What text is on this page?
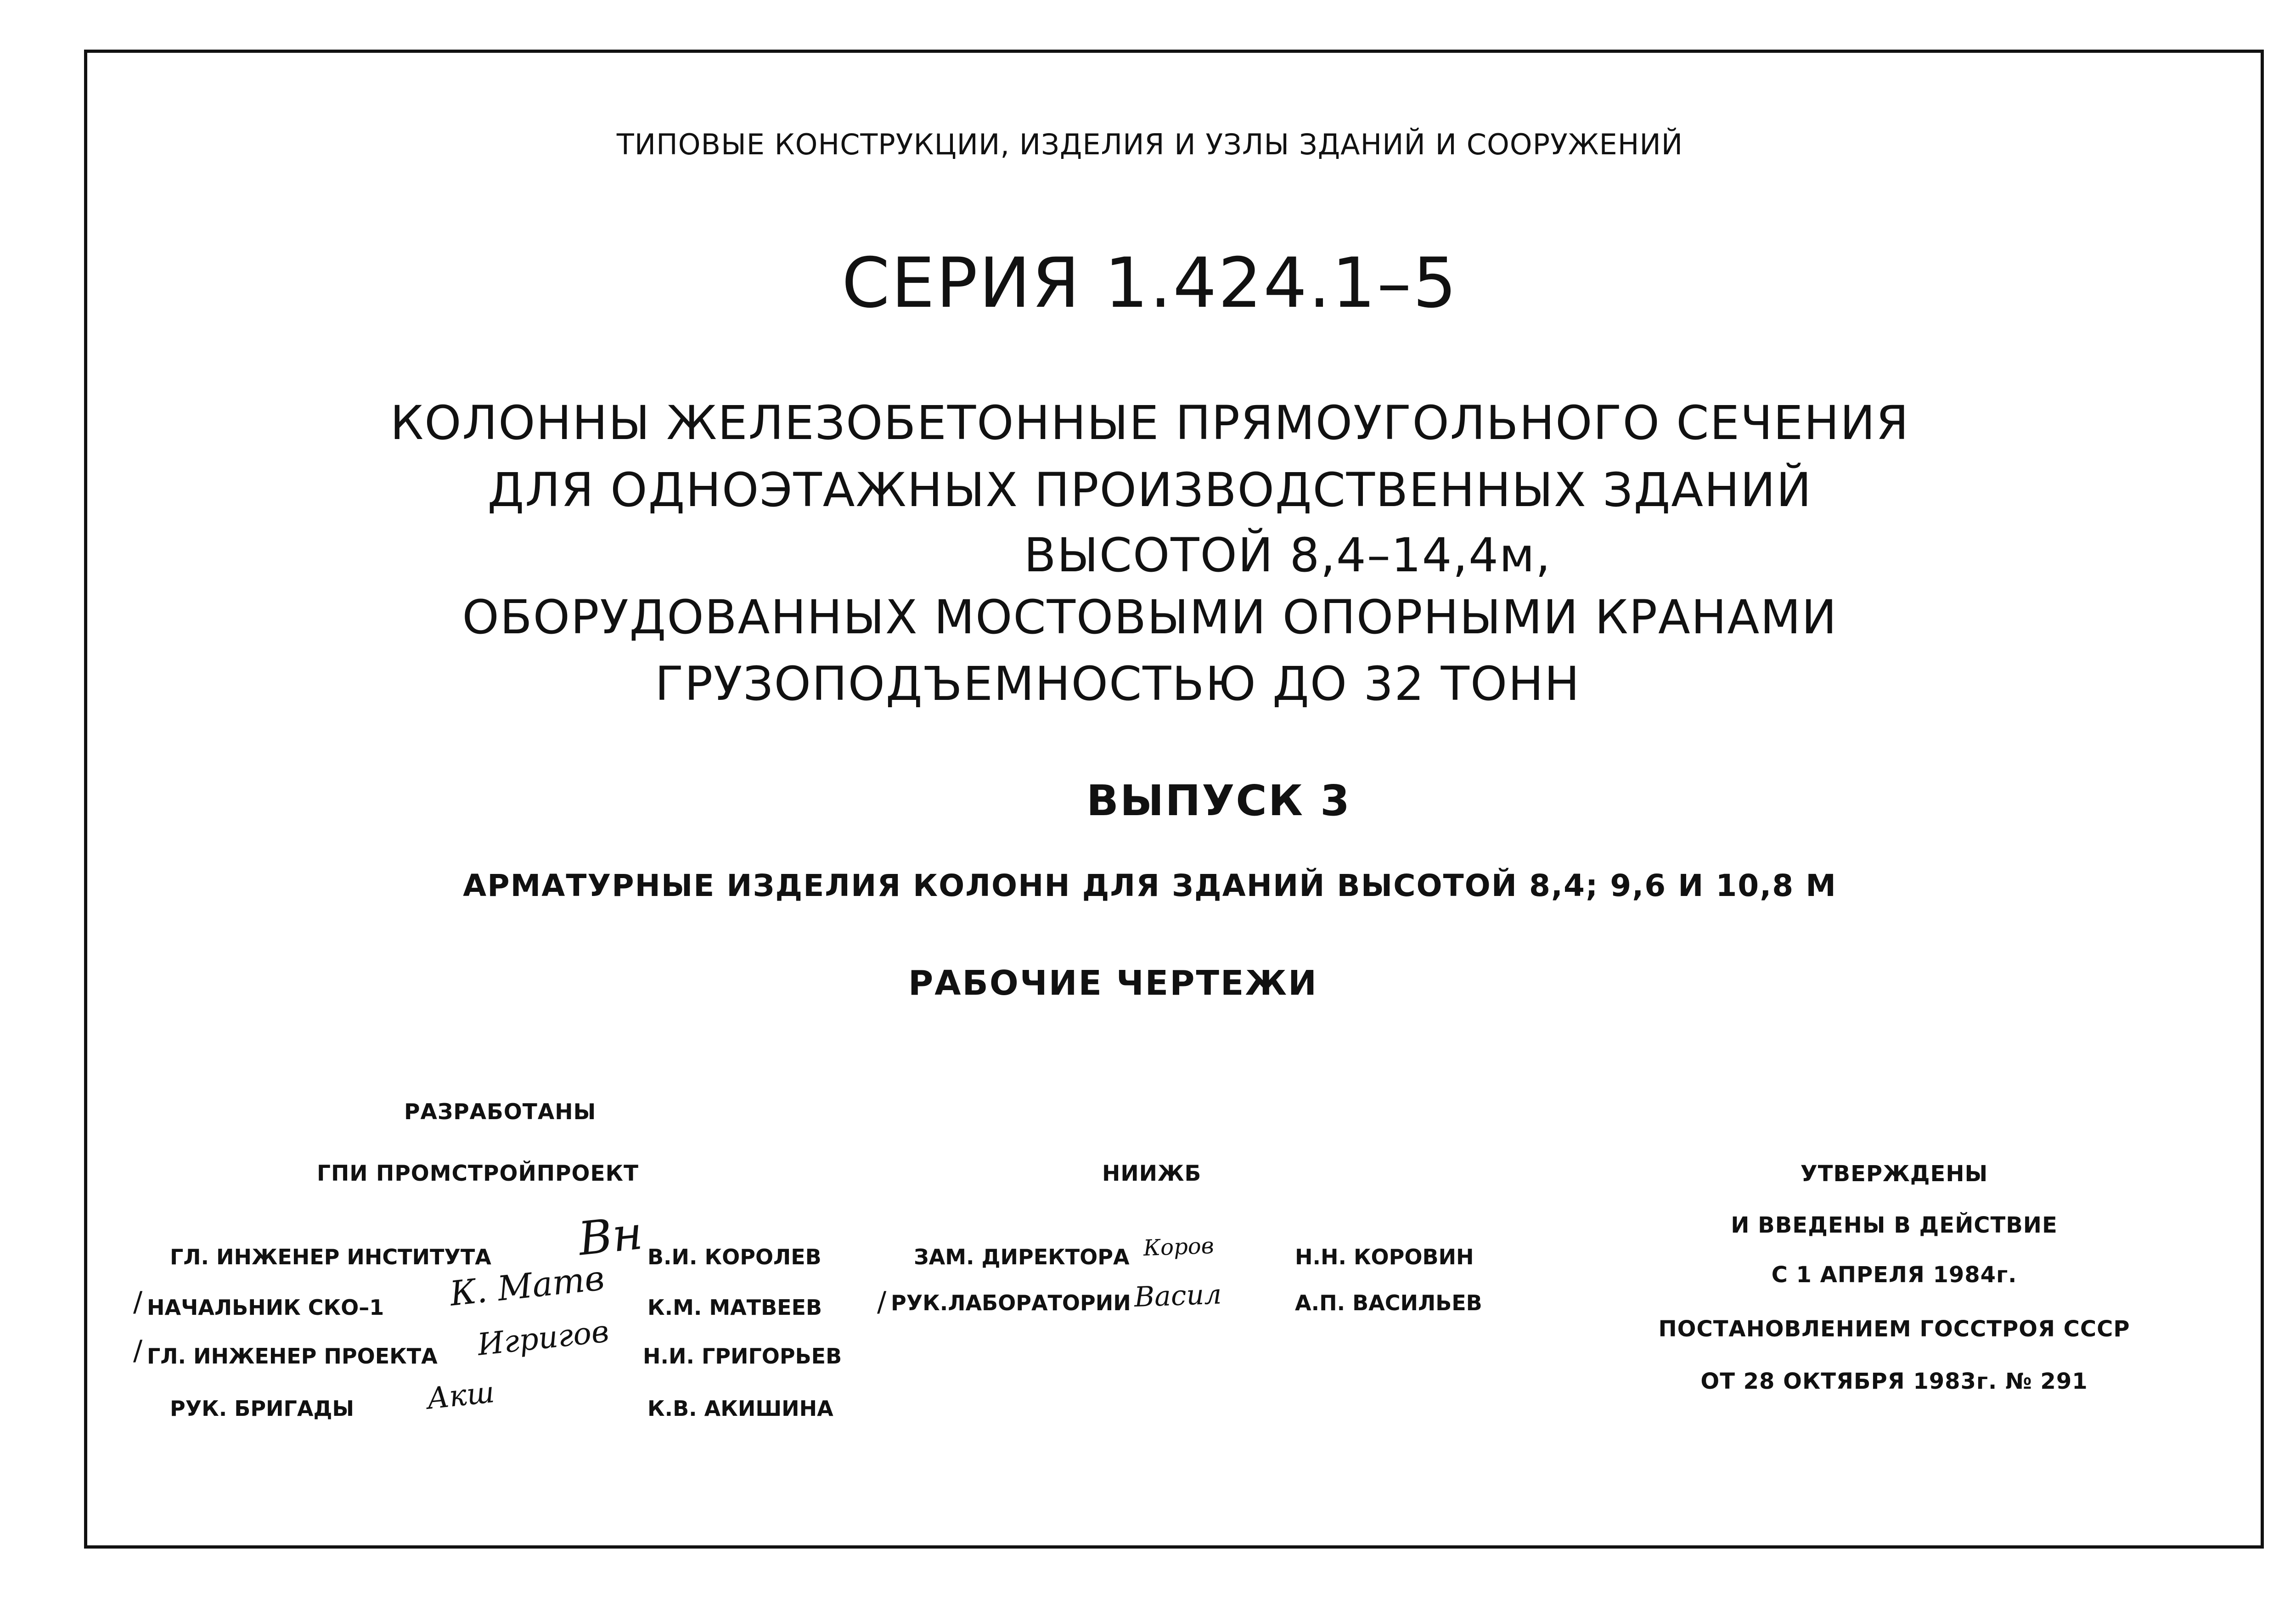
ТИПОВЫЕ КОНСТРУКЦИИ, ИЗДЕЛИЯ И УЗЛЫ ЗДАНИЙ И СООРУЖЕНИЙ
СЕРИЯ 1.424.1–5
КОЛОННЫ ЖЕЛЕЗОБЕТОННЫЕ ПРЯМОУГОЛЬНОГО СЕЧЕНИЯ
ДЛЯ ОДНОЭТАЖНЫХ ПРОИЗВОДСТВЕННЫХ ЗДАНИЙ
ВЫСОТОЙ 8,4–14,4м,
ОБОРУДОВАННЫХ МОСТОВЫМИ ОПОРНЫМИ КРАНАМИ
ГРУЗОПОДЪЕМНОСТЬЮ ДО 32 ТОНН
ВЫПУСК 3
АРМАТУРНЫЕ ИЗДЕЛИЯ КОЛОНН ДЛЯ ЗДАНИЙ ВЫСОТОЙ 8,4; 9,6 И 10,8 М
РАБОЧИЕ ЧЕРТЕЖИ
РАЗРАБОТАНЫ
ГПИ ПРОМСТРОЙПРОЕКТ	НИИЖБ
ГЛ. ИНЖЕНЕР ИНСТИТУТА Вн В.И. КОРОЛЕВ
/ НАЧАЛЬНИК СКО–1 К. Матв К.М. МАТВЕЕВ
/ ГЛ. ИНЖЕНЕР ПРОЕКТА Игригов Н.И. ГРИГОРЬЕВ
РУК. БРИГАДЫ Акш	К.В. АКИШИНА
ЗАМ. ДИРЕКТОРА Коров	Н.Н. КОРОВИН
/ РУК.ЛАБОРАТОРИИ Васил	А.П. ВАСИЛЬЕВ
УТВЕРЖДЕНЫ
И ВВЕДЕНЫ В ДЕЙСТВИЕ
С 1 АПРЕЛЯ 1984г.
ПОСТАНОВЛЕНИЕМ ГОССТРОЯ СССР
ОТ 28 ОКТЯБРЯ 1983г. № 291
